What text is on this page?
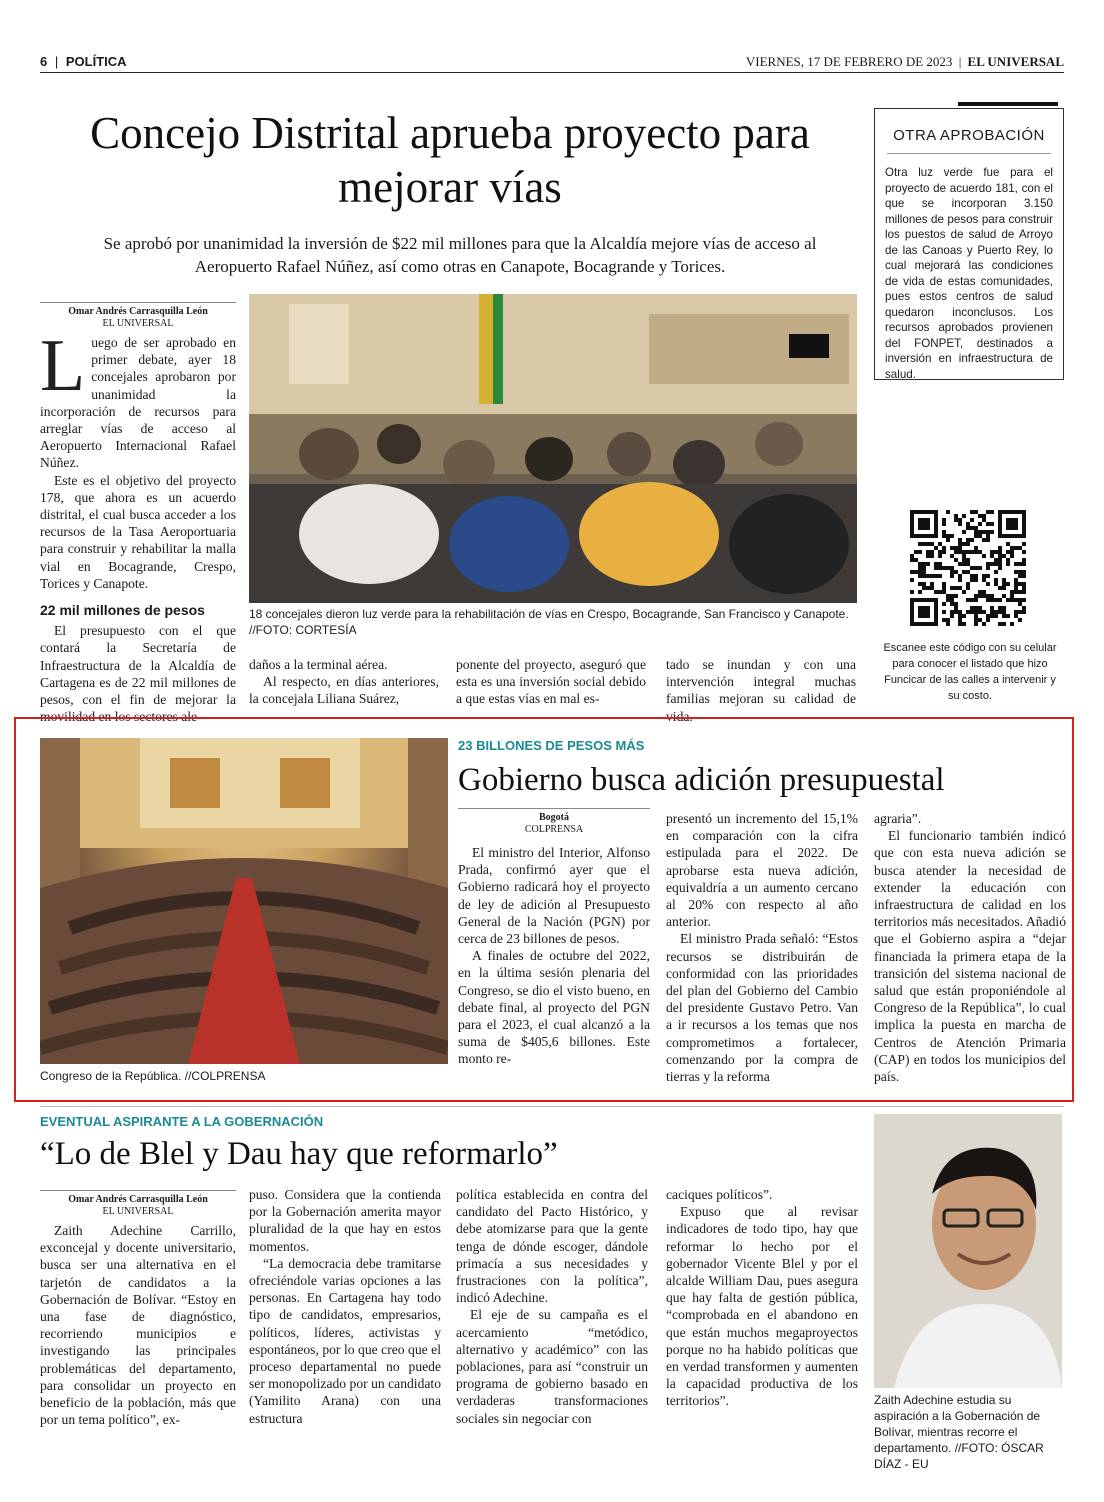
6 | POLÍTICA	VIERNES, 17 DE FEBRERO DE 2023 | EL UNIVERSAL
Concejo Distrital aprueba proyecto para mejorar vías
Se aprobó por unanimidad la inversión de $22 mil millones para que la Alcaldía mejore vías de acceso al Aeropuerto Rafael Núñez, así como otras en Canapote, Bocagrande y Torices.
Omar Andrés Carrasquilla León
EL UNIVERSAL
L uego de ser aprobado en primer debate, ayer 18 concejales aprobaron por unanimidad la incorporación de recursos para arreglar vías de acceso al Aeropuerto Internacional Rafael Núñez.

Este es el objetivo del proyecto 178, que ahora es un acuerdo distrital, el cual busca acceder a los recursos de la Tasa Aeroportuaria para construir y rehabilitar la malla vial en Bocagrande, Crespo, Torices y Canapote.

22 mil millones de pesos

El presupuesto con el que contará la Secretaría de Infraestructura de la Alcaldía de Cartagena es de 22 mil millones de pesos, con el fin de mejorar la movilidad en los sectores ale-

18 concejales dieron luz verde para la rehabilitación de vías en Crespo, Bocagrande, San Francisco y Canapote. //FOTO: CORTESÍA

daños a la terminal aérea.

Al respecto, en días anteriores, la concejala Liliana Suárez,

ponente del proyecto, aseguró que esta es una inversión social debido a que estas vías en mal es-

tado se inundan y con una intervención integral muchas familias mejoran su calidad de vida.

OTRA APROBACIÓN
Otra luz verde fue para el proyecto de acuerdo 181, con el que se incorporan 3.150 millones de pesos para construir los puestos de salud de Arroyo de las Canoas y Puerto Rey, lo cual mejorará las condiciones de vida de estas comunidades, pues estos centros de salud quedaron inconclusos. Los recursos aprobados provienen del FONPET, destinados a inversión en infraestructura de salud.
Escanee este código con su celular para conocer el listado que hizo Funcicar de las calles a intervenir y su costo.
Congreso de la República. //COLPRENSA
23 BILLONES DE PESOS MÁS
Gobierno busca adición presupuestal
Bogotá
COLPRENSA

El ministro del Interior, Alfonso Prada, confirmó ayer que el Gobierno radicará hoy el proyecto de ley de adición al Presupuesto General de la Nación (PGN) por cerca de 23 billones de pesos.

A finales de octubre del 2022, en la última sesión plenaria del Congreso, se dio el visto bueno, en debate final, al proyecto del PGN para el 2023, el cual alcanzó a la suma de $405,6 billones. Este monto re-

presentó un incremento del 15,1% en comparación con la cifra estipulada para el 2022. De aprobarse esta nueva adición, equivaldría a un aumento cercano al 20% con respecto al año anterior.

El ministro Prada señaló: “Estos recursos se distribuirán de conformidad con las prioridades del plan del Gobierno del Cambio del presidente Gustavo Petro. Van a ir recursos a los temas que nos comprometimos a fortalecer, comenzando por la compra de tierras y la reforma

agraria”.

El funcionario también indicó que con esta nueva adición se busca atender la necesidad de extender la educación con infraestructura de calidad en los territorios más necesitados. Añadió que el Gobierno aspira a “dejar financiada la primera etapa de la transición del sistema nacional de salud que están proponiéndole al Congreso de la República”, lo cual implica la puesta en marcha de Centros de Atención Primaria (CAP) en todos los municipios del país.

EVENTUAL ASPIRANTE A LA GOBERNACIÓN
“Lo de Blel y Dau hay que reformarlo”
Omar Andrés Carrasquilla León
EL UNIVERSAL

Zaith Adechine Carrillo, exconcejal y docente universitario, busca ser una alternativa en el tarjetón de candidatos a la Gobernación de Bolívar. “Estoy en una fase de diagnóstico, recorriendo municipios e investigando las principales problemáticas del departamento, para consolidar un proyecto en beneficio de la población, más que por un tema político”, ex-

puso. Considera que la contienda por la Gobernación amerita mayor pluralidad de la que hay en estos momentos.

“La democracia debe tramitarse ofreciéndole varias opciones a las personas. En Cartagena hay todo tipo de candidatos, empresarios, políticos, líderes, activistas y espontáneos, por lo que creo que el proceso departamental no puede ser monopolizado por un candidato (Yamilito Arana) con una estructura

política establecida en contra del candidato del Pacto Histórico, y debe atomizarse para que la gente tenga de dónde escoger, dándole primacía a sus necesidades y frustraciones con la política”, indicó Adechine.

El eje de su campaña es el acercamiento “metódico, alternativo y académico” con las poblaciones, para así “construir un programa de gobierno basado en verdaderas transformaciones sociales sin negociar con

caciques políticos”.

Expuso que al revisar indicadores de todo tipo, hay que reformar lo hecho por el gobernador Vicente Blel y por el alcalde William Dau, pues asegura que hay falta de gestión pública, “comprobada en el abandono en que están muchos megaproyectos porque no ha habido políticas que en verdad transformen y aumenten la capacidad productiva de los territorios”.	Zaith Adechine estudia su aspiración a la Gobernación de Bolívar, mientras recorre el departamento. //FOTO: ÓSCAR DÍAZ - EU
